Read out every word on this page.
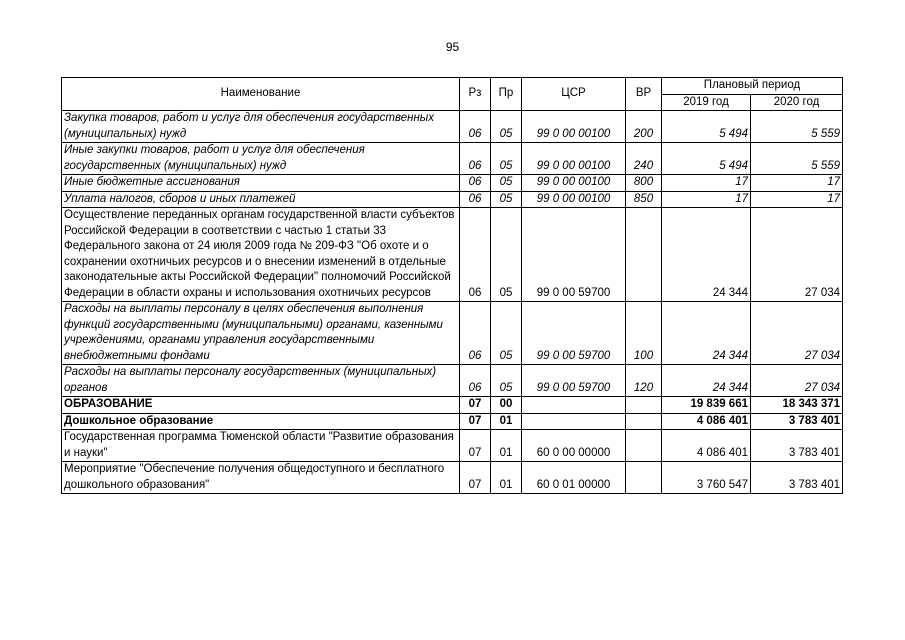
95
Наименование	Рз	Пр	ЦСР	ВР	Плановый период	
					2019 год	2020 год
Закупка товаров, работ и услуг для обеспечения государственных (муниципальных) нужд	06	05	99 0 00 00100	200	5 494	5 559
Иные закупки товаров, работ и услуг для обеспечения государственных (муниципальных) нужд	06	05	99 0 00 00100	240	5 494	5 559
Иные бюджетные ассигнования	06	05	99 0 00 00100	800	17	17
Уплата налогов, сборов и иных платежей	06	05	99 0 00 00100	850	17	17
Осуществление переданных органам государственной власти субъектов Российской Федерации в соответствии с частью 1 статьи 33 Федерального закона от 24 июля 2009 года № 209-ФЗ "Об охоте и о сохранении охотничьих ресурсов и о внесении изменений в отдельные законодательные акты Российской Федерации" полномочий Российской Федерации в области охраны и использования охотничьих ресурсов	06	05	99 0 00 59700		24 344	27 034
Расходы на выплаты персоналу в целях обеспечения выполнения функций государственными (муниципальными) органами, казенными учреждениями, органами управления государственными внебюджетными фондами	06	05	99 0 00 59700	100	24 344	27 034
Расходы на выплаты персоналу государственных (муниципальных) органов	06	05	99 0 00 59700	120	24 344	27 034
ОБРАЗОВАНИЕ	07	00			19 839 661	18 343 371
Дошкольное образование	07	01			4 086 401	3 783 401
Государственная программа Тюменской области "Развитие образования и науки"	07	01	60 0 00 00000		4 086 401	3 783 401
Мероприятие "Обеспечение получения общедоступного и бесплатного дошкольного образования"	07	01	60 0 01 00000		3 760 547	3 783 401
